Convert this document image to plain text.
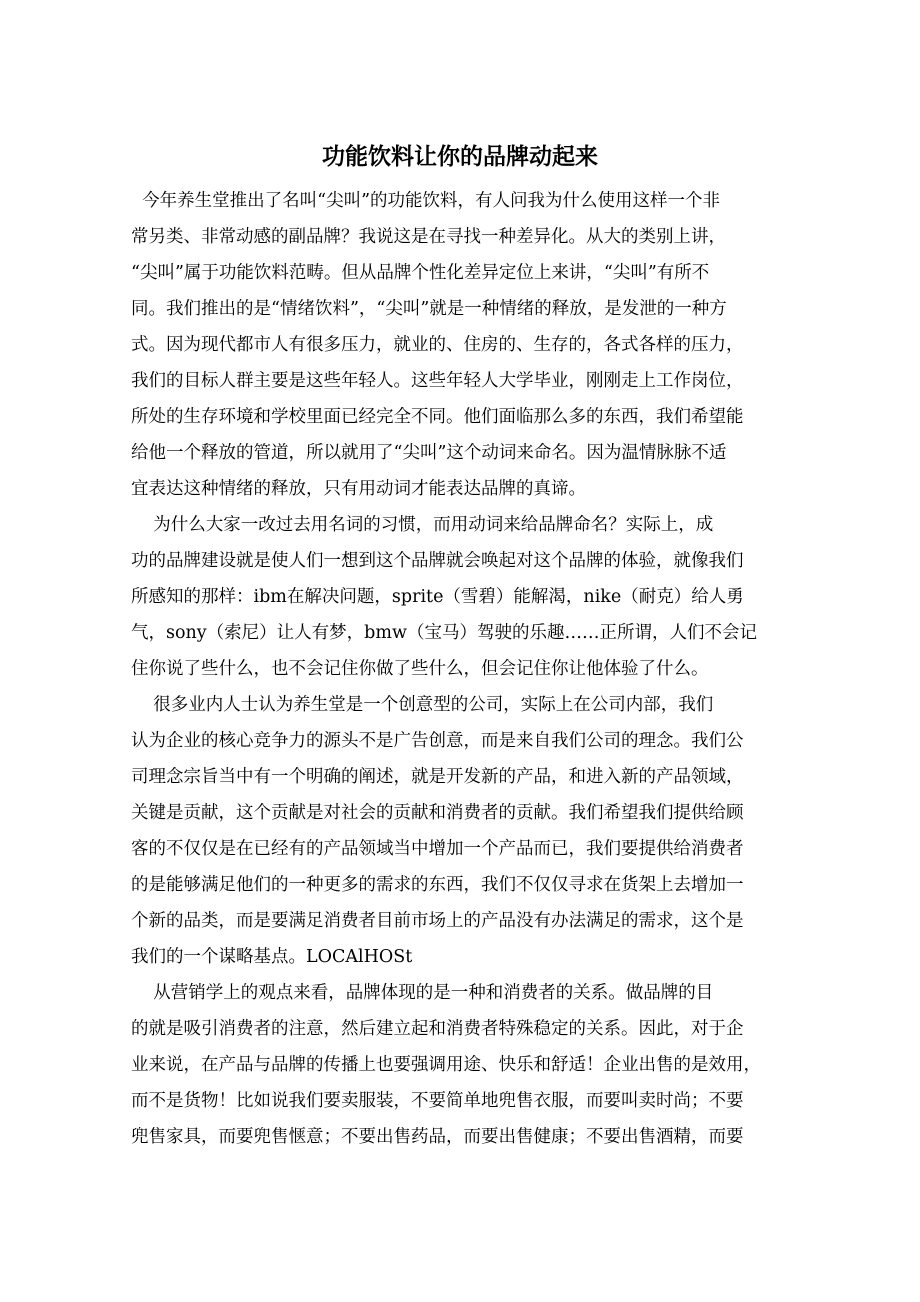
功能饮料让你的品牌动起来
今年养生堂推出了名叫“尖叫”的功能饮料，有人问我为什么使用这样一个非
常另类、非常动感的副品牌？我说这是在寻找一种差异化。从大的类别上讲，
“尖叫”属于功能饮料范畴。但从品牌个性化差异定位上来讲，“尖叫”有所不
同。我们推出的是“情绪饮料”，“尖叫”就是一种情绪的释放，是发泄的一种方
式。因为现代都市人有很多压力，就业的、住房的、生存的，各式各样的压力，
我们的目标人群主要是这些年轻人。这些年轻人大学毕业，刚刚走上工作岗位，
所处的生存环境和学校里面已经完全不同。他们面临那么多的东西，我们希望能
给他一个释放的管道，所以就用了“尖叫”这个动词来命名。因为温情脉脉不适
宜表达这种情绪的释放，只有用动词才能表达品牌的真谛。
为什么大家一改过去用名词的习惯，而用动词来给品牌命名？实际上，成
功的品牌建设就是使人们一想到这个品牌就会唤起对这个品牌的体验，就像我们
所感知的那样：ibm在解决问题，sprite（雪碧）能解渴，nike（耐克）给人勇
气，sony（索尼）让人有梦，bmw（宝马）驾驶的乐趣……正所谓，人们不会记
住你说了些什么，也不会记住你做了些什么，但会记住你让他体验了什么。
很多业内人士认为养生堂是一个创意型的公司，实际上在公司内部，我们
认为企业的核心竞争力的源头不是广告创意，而是来自我们公司的理念。我们公
司理念宗旨当中有一个明确的阐述，就是开发新的产品，和进入新的产品领域，
关键是贡献，这个贡献是对社会的贡献和消费者的贡献。我们希望我们提供给顾
客的不仅仅是在已经有的产品领域当中增加一个产品而已，我们要提供给消费者
的是能够满足他们的一种更多的需求的东西，我们不仅仅寻求在货架上去增加一
个新的品类，而是要满足消费者目前市场上的产品没有办法满足的需求，这个是
我们的一个谋略基点。LOCAlHOSt
从营销学上的观点来看，品牌体现的是一种和消费者的关系。做品牌的目
的就是吸引消费者的注意，然后建立起和消费者特殊稳定的关系。因此，对于企
业来说，在产品与品牌的传播上也要强调用途、快乐和舒适！企业出售的是效用，
而不是货物！比如说我们要卖服装，不要简单地兜售衣服，而要叫卖时尚；不要
兜售家具，而要兜售惬意；不要出售药品，而要出售健康；不要出售酒精，而要
